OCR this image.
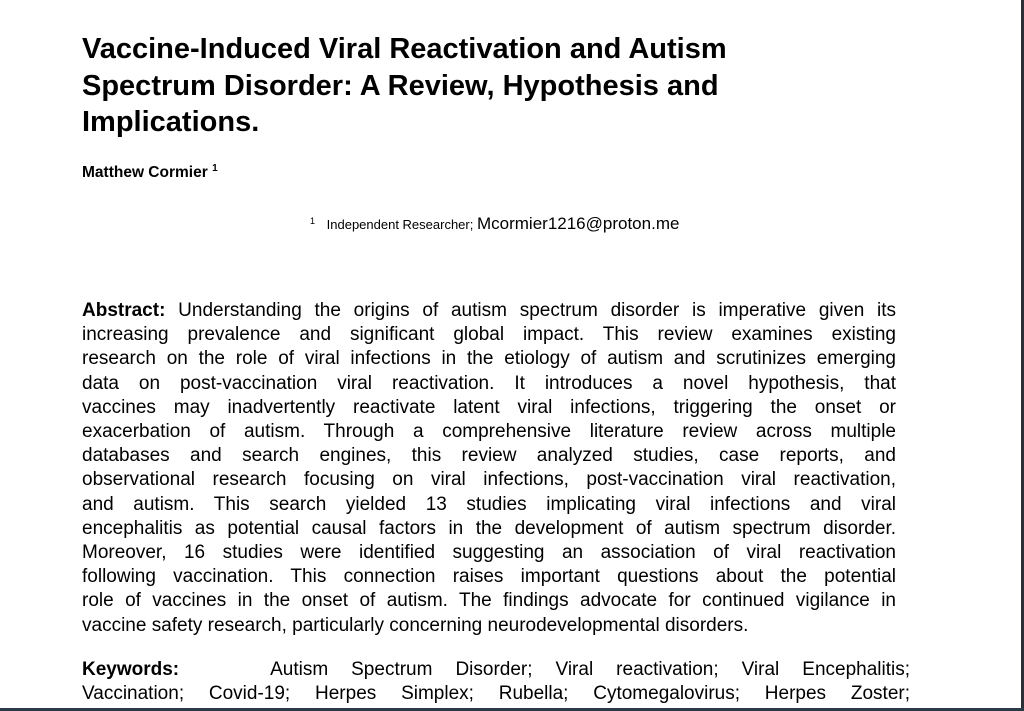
Vaccine-Induced Viral Reactivation and Autism Spectrum Disorder: A Review, Hypothesis and Implications.
Matthew Cormier $^1$
$^1$ Independent Researcher; Mcormier1216@proton.me
Abstract: Understanding the origins of autism spectrum disorder is imperative given its
increasing prevalence and significant global impact. This review examines existing
research on the role of viral infections in the etiology of autism and scrutinizes emerging
data on post-vaccination viral reactivation. It introduces a novel hypothesis, that
vaccines may inadvertently reactivate latent viral infections, triggering the onset or
exacerbation of autism. Through a comprehensive literature review across multiple
databases and search engines, this review analyzed studies, case reports, and
observational research focusing on viral infections, post-vaccination viral reactivation,
and autism. This search yielded 13 studies implicating viral infections and viral
encephalitis as potential causal factors in the development of autism spectrum disorder.
Moreover, 16 studies were identified suggesting an association of viral reactivation
following vaccination. This connection raises important questions about the potential
role of vaccines in the onset of autism. The findings advocate for continued vigilance in
vaccine safety research, particularly concerning neurodevelopmental disorders.
Keywords:	Autism Spectrum Disorder; Viral reactivation; Viral Encephalitis;
Vaccination; Covid-19; Herpes Simplex; Rubella; Cytomegalovirus; Herpes Zoster;
